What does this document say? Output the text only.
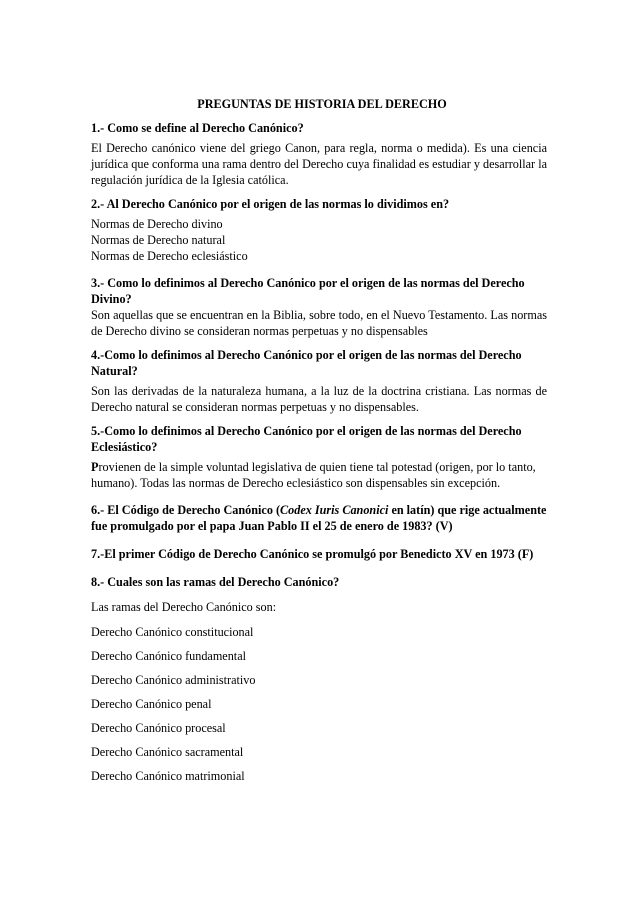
PREGUNTAS DE HISTORIA DEL DERECHO
1.- Como se define al Derecho Canónico?

El Derecho canónico viene del griego Canon, para regla, norma o medida). Es una ciencia jurídica que conforma una rama dentro del Derecho cuya finalidad es estudiar y desarrollar la regulación jurídica de la Iglesia católica.

2.- Al Derecho Canónico por el origen de las normas lo dividimos en?

Normas de Derecho divino

Normas de Derecho natural

Normas de Derecho eclesiástico

3.- Como lo definimos al Derecho Canónico por el origen de las normas del Derecho Divino?

Son aquellas que se encuentran en la Biblia, sobre todo, en el Nuevo Testamento. Las normas de Derecho divino se consideran normas perpetuas y no dispensables

4.-Como lo definimos al Derecho Canónico por el origen de las normas del Derecho Natural?

Son las derivadas de la naturaleza humana, a la luz de la doctrina cristiana. Las normas de Derecho natural se consideran normas perpetuas y no dispensables.

5.-Como lo definimos al Derecho Canónico por el origen de las normas del Derecho Eclesiástico?

Provienen de la simple voluntad legislativa de quien tiene tal potestad (origen, por lo tanto, humano). Todas las normas de Derecho eclesiástico son dispensables sin excepción.

6.- El Código de Derecho Canónico (Codex Iuris Canonici en latín) que rige actualmente fue promulgado por el papa Juan Pablo II el 25 de enero de 1983? (V)
7.-El primer Código de Derecho Canónico se promulgó por Benedicto XV en 1973 (F)
8.- Cuales son las ramas del Derecho Canónico?

Las ramas del Derecho Canónico son:

Derecho Canónico constitucional

Derecho Canónico fundamental

Derecho Canónico administrativo

Derecho Canónico penal

Derecho Canónico procesal

Derecho Canónico sacramental

Derecho Canónico matrimonial
